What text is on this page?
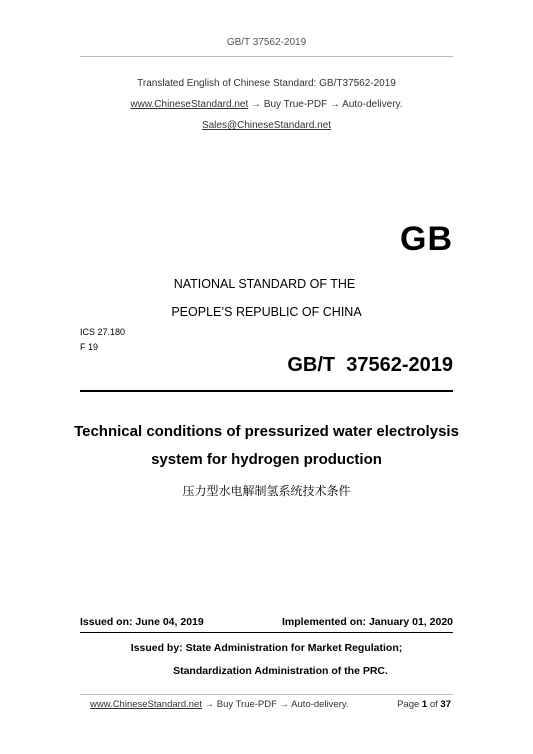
GB/T 37562-2019
Translated English of Chinese Standard: GB/T37562-2019
www.ChineseStandard.net → Buy True-PDF → Auto-delivery.
Sales@ChineseStandard.net
GB
NATIONAL STANDARD OF THE
PEOPLE’S REPUBLIC OF CHINA
ICS 27.180
F 19
GB/T  37562-2019
Technical conditions of pressurized water electrolysis
system for hydrogen production
压力型水电解制氢系统技术条件
Issued on: June 04, 2019	Implemented on: January 01, 2020
Issued by: State Administration for Market Regulation;
Standardization Administration of the PRC.
www.ChineseStandard.net → Buy True-PDF → Auto-delivery.	Page 1 of 37
